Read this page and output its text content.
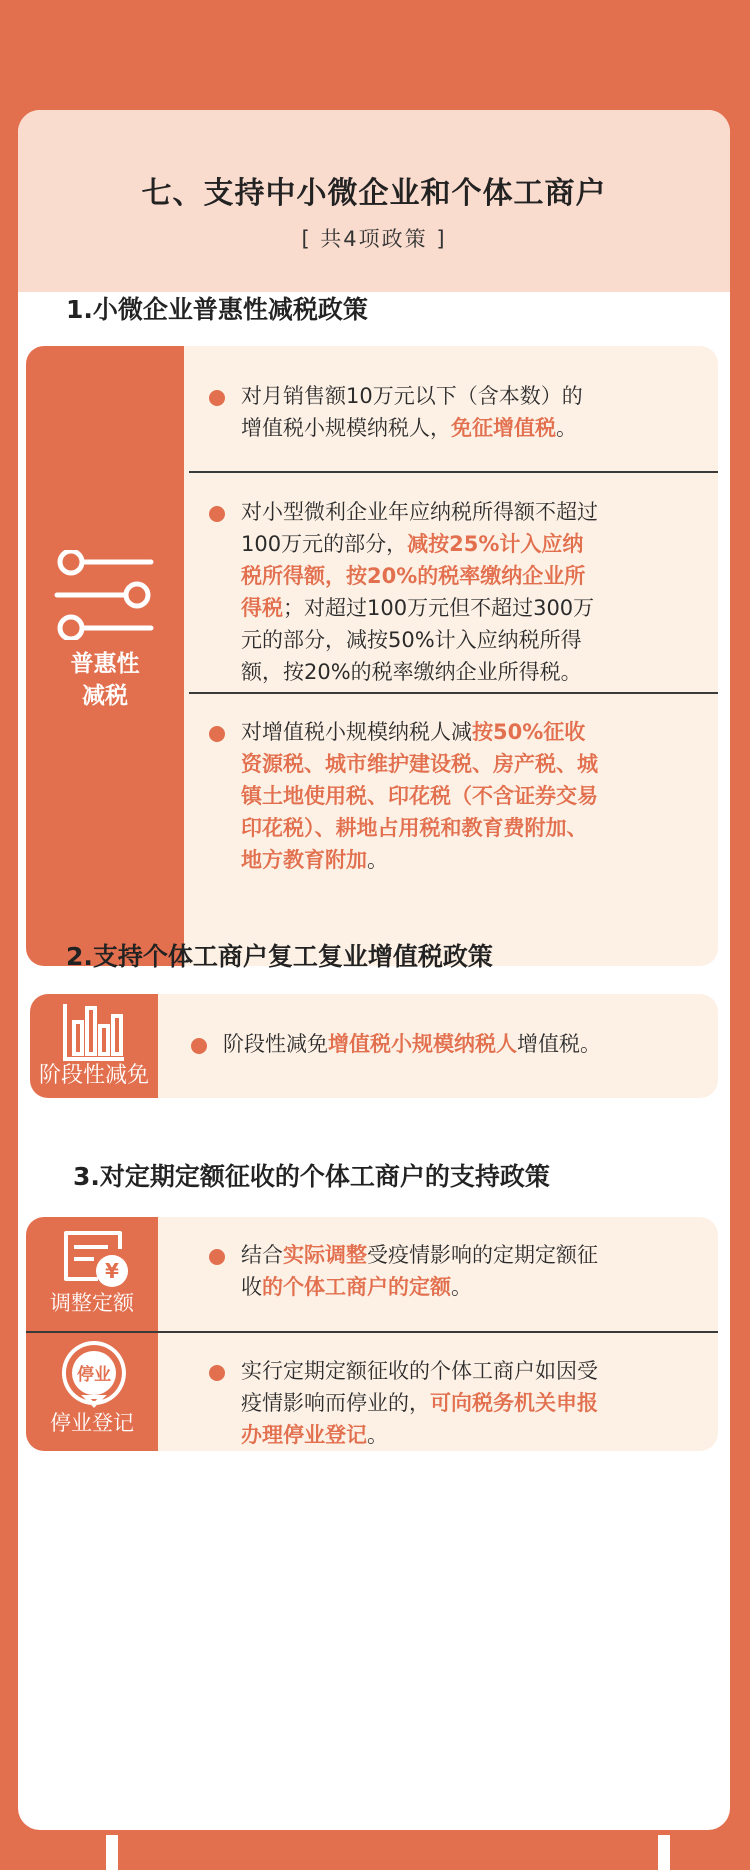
七、支持中小微企业和个体工商户
[ 共4项政策 ]
1.小微企业普惠性减税政策
普惠性
减税
对月销售额10万元以下（含本数）的增值税小规模纳税人，免征增值税。
对小型微利企业年应纳税所得额不超过100万元的部分，减按25%计入应纳税所得额，按20%的税率缴纳企业所得税；对超过100万元但不超过300万元的部分，减按50%计入应纳税所得额，按20%的税率缴纳企业所得税。
对增值税小规模纳税人减按50%征收资源税、城市维护建设税、房产税、城镇土地使用税、印花税（不含证券交易印花税）、耕地占用税和教育费附加、地方教育附加。
2.支持个体工商户复工复业增值税政策
阶段性减免
阶段性减免增值税小规模纳税人增值税。
3.对定期定额征收的个体工商户的支持政策
¥
调整定额
停业
停业登记
结合实际调整受疫情影响的定期定额征收的个体工商户的定额。
实行定期定额征收的个体工商户如因受疫情影响而停业的，可向税务机关申报办理停业登记。
